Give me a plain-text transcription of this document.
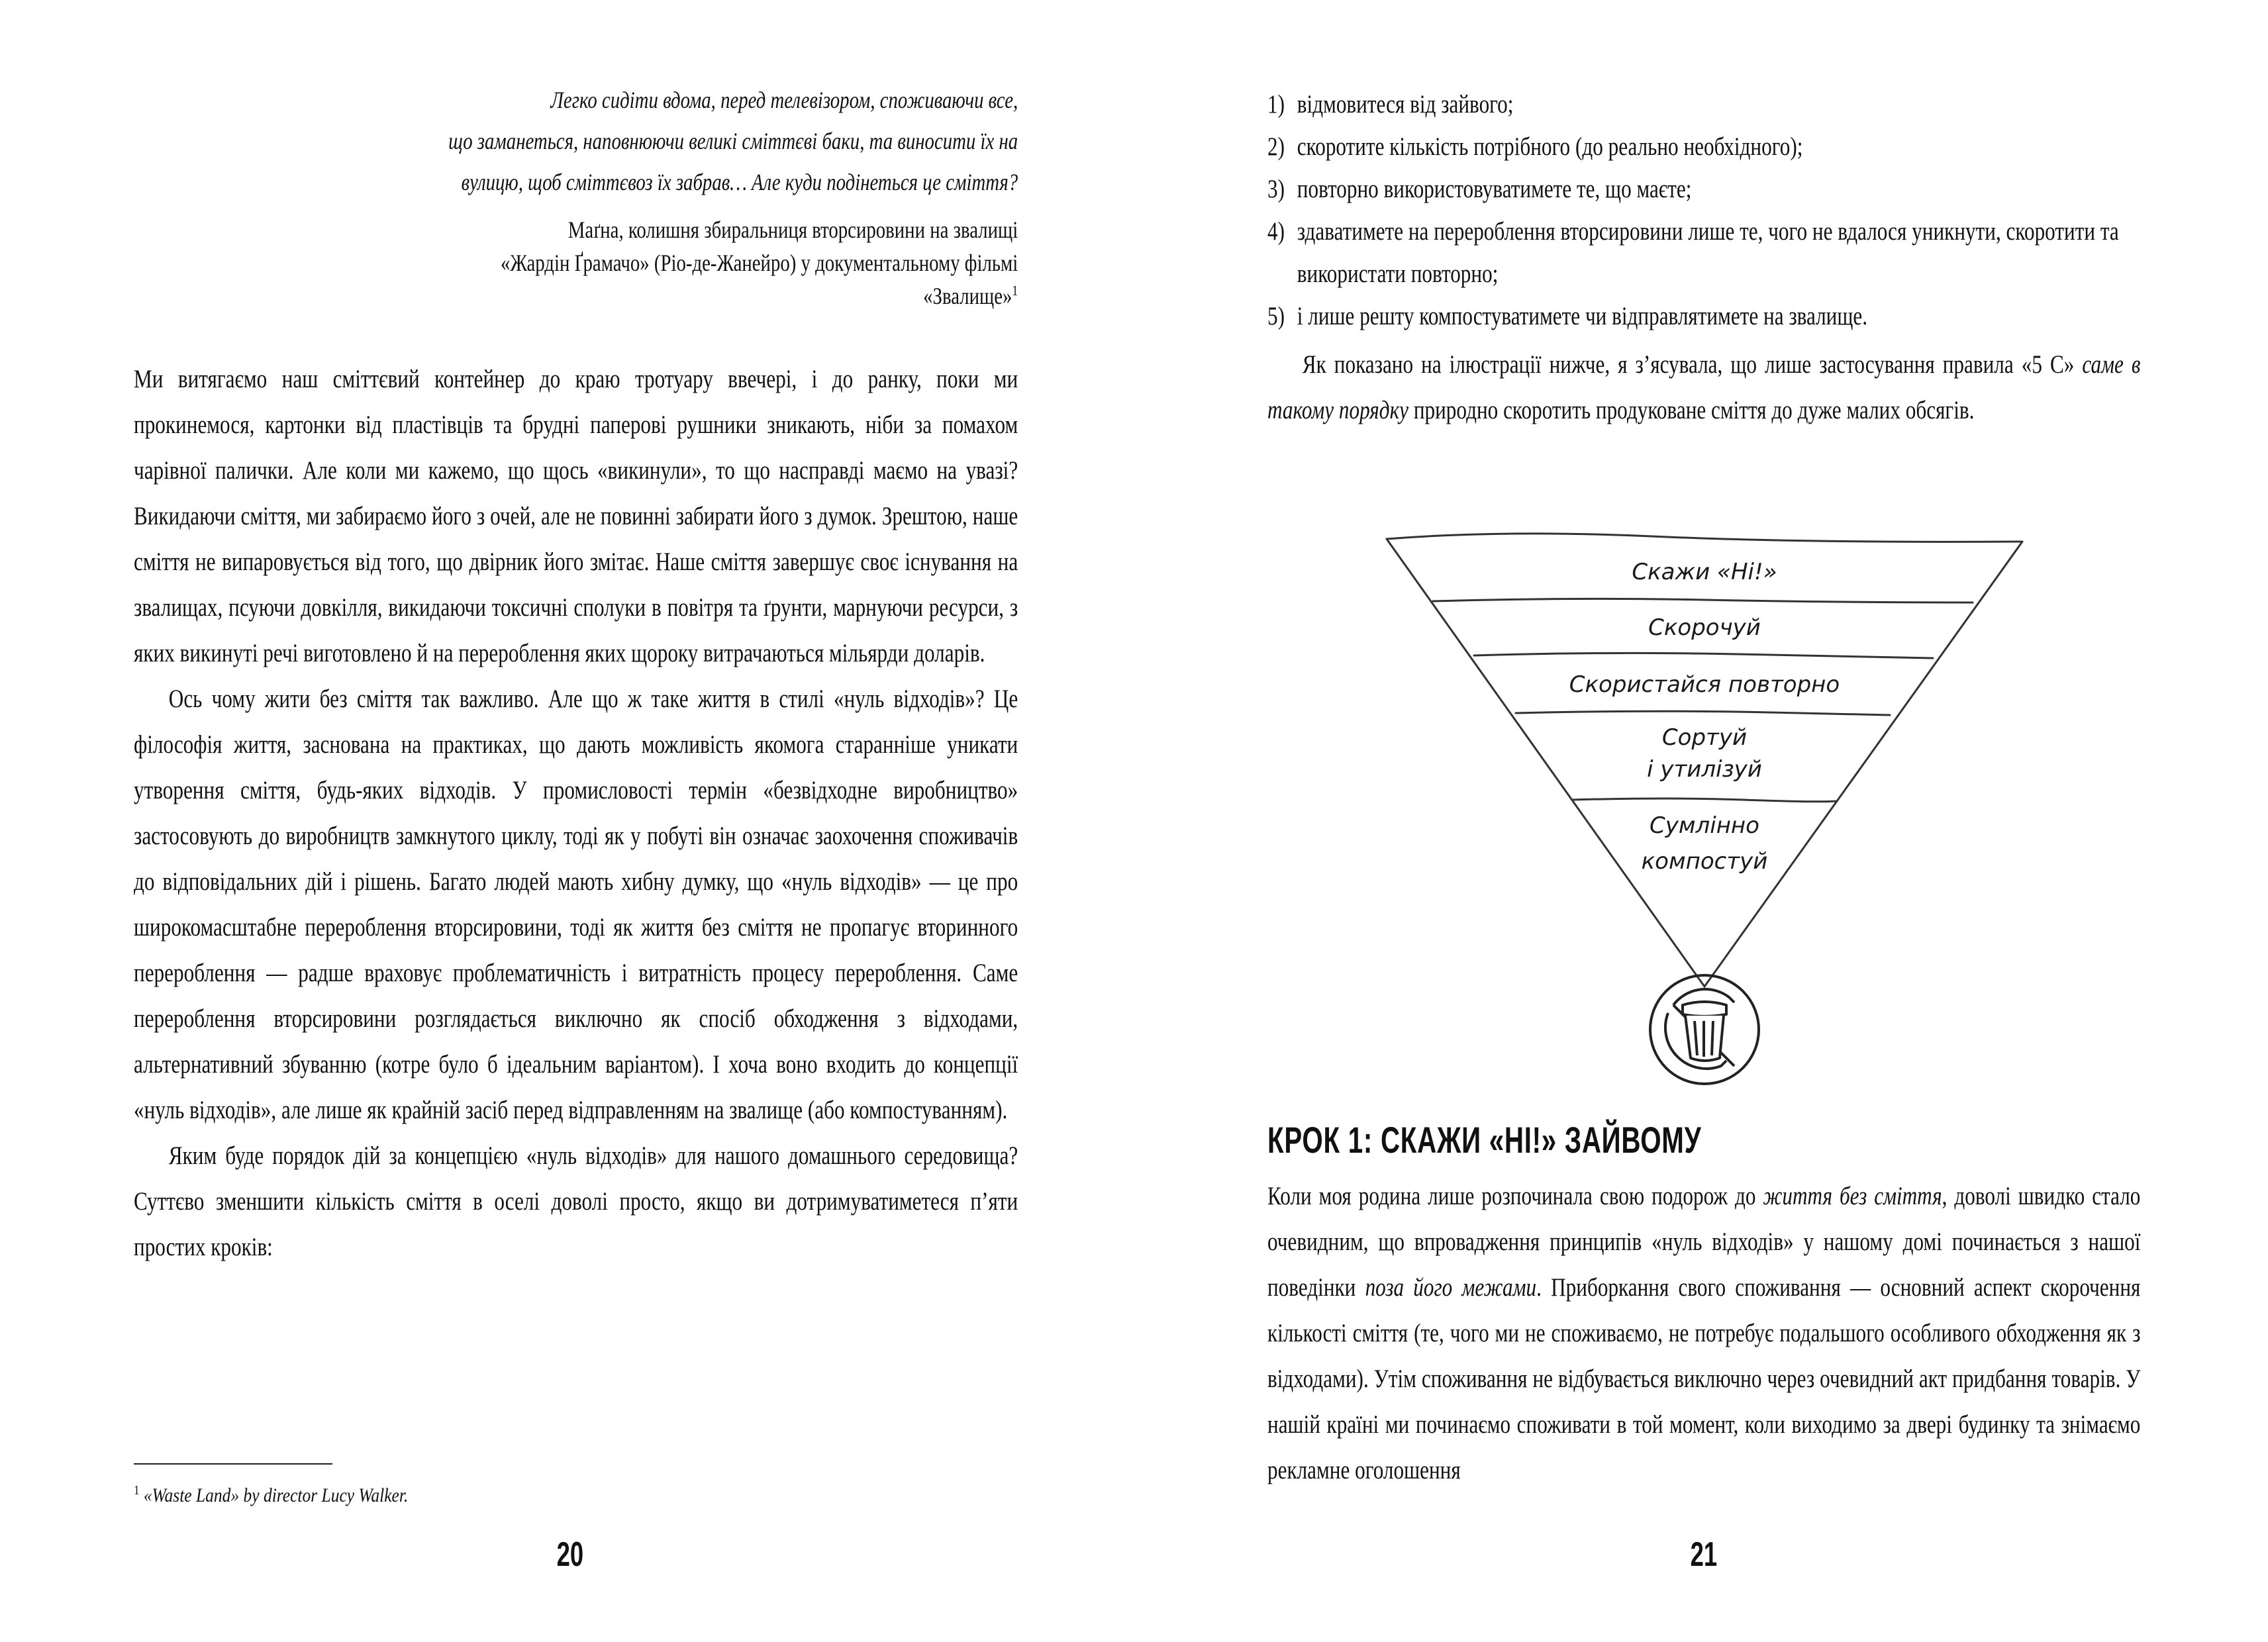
Легко сидіти вдома, перед телевізором, споживаючи все,
що заманеться, наповнюючи великі сміттєві баки, та виносити їх на
вулицю, щоб сміттєвоз їх забрав… Але куди подінеться це сміття?
Маґна, колишня збиральниця вторсировини на звалищі
«Жардін Ґрамачо» (Ріо-де-Жанейро) у документальному фільмі
«Звалище»$^1$

Ми витягаємо наш сміттєвий контейнер до краю тротуару ввечері, і до ранку, поки ми прокинемося, картонки від пластівців та брудні паперові рушники зникають, ніби за помахом чарівної палички. Але коли ми кажемо, що щось «викинули», то що насправді маємо на увазі? Викидаючи сміття, ми забираємо його з очей, але не повинні забирати його з думок. Зрештою, наше сміття не випаровується від того, що двірник його змітає. Наше сміття завершує своє існування на звалищах, псуючи довкілля, викидаючи токсичні сполуки в повітря та ґрунти, марнуючи ресурси, з яких викинуті речі виготовлено й на перероблення яких щороку витрачаються мільярди доларів.

Ось чому жити без сміття так важливо. Але що ж таке життя в стилі «нуль відходів»? Це філософія життя, заснована на практиках, що дають можливість якомога старанніше уникати утворення сміття, будь-яких відходів. У промисловості термін «безвідходне виробництво» застосовують до виробництв замкнутого циклу, тоді як у побуті він означає заохочення споживачів до відповідальних дій і рішень. Багато людей мають хибну думку, що «нуль відходів» — це про широкомасштабне перероблення вторсировини, тоді як життя без сміття не пропагує вторинного перероблення — радше враховує проблематичність і витратність процесу перероблення. Саме перероблення вторсировини розглядається виключно як спосіб обходження з відходами, альтернативний збуванню (котре було б ідеальним варіантом). І хоча воно входить до концепції «нуль відходів», але лише як крайній засіб перед відправленням на звалище (або компостуванням).

Яким буде порядок дій за концепцією «нуль відходів» для нашого домашнього середовища? Суттєво зменшити кількість сміття в оселі доволі просто, якщо ви дотримуватиметеся п’яти простих кроків:

$^1$ «Waste Land» by director Lucy Walker.
20
1) відмовитеся від зайвого;
2) скоротите кількість потрібного (до реально необхідного);
3) повторно використовуватимете те, що маєте;
4) здаватимете на перероблення вторсировини лише те, чого не вдалося уникнути, скоротити та використати повторно;
5) і лише решту компостуватимете чи відправлятимете на звалище.

Як показано на ілюстрації нижче, я з’ясувала, що лише застосування правила «5 С» саме в такому порядку природно скоротить продуковане сміття до дуже малих обсягів.

Скажи «Ні!»
Скорочуй
Скористайся повторно
Сортуй
і утилізуй
Сумлінно
компостуй
КРОК 1: СКАЖИ «НІ!» ЗАЙВОМУ

Коли моя родина лише розпочинала свою подорож до життя без сміття, доволі швидко стало очевидним, що впровадження принципів «нуль відходів» у нашому домі починається з нашої поведінки поза його межами. Приборкання свого споживання — основний аспект скорочення кількості сміття (те, чого ми не споживаємо, не потребує подальшого особливого обходження як з відходами). Утім споживання не відбувається виключно через очевидний акт придбання товарів. У нашій країні ми починаємо споживати в той момент, коли виходимо за двері будинку та знімаємо рекламне оголошення

21
